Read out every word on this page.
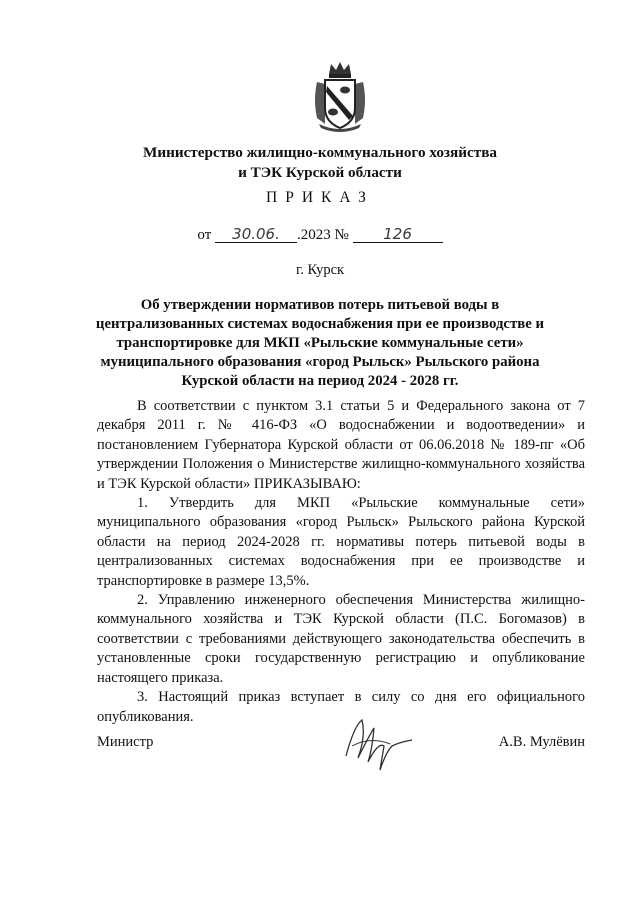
Министерство жилищно-коммунального хозяйства
и ТЭК Курской области
ПРИКАЗ
от 30.06. .2023 № 126
г. Курск
Об утверждении нормативов потерь питьевой воды в
централизованных системах водоснабжения при ее производстве и
транспортировке для МКП «Рыльские коммунальные сети»
муниципального образования «город Рыльск» Рыльского района
Курской области на период 2024 - 2028 гг.

В соответствии с пунктом 3.1 статьи 5 и Федерального закона от 7 декабря 2011 г. № 416-ФЗ «О водоснабжении и водоотведении» и постановлением Губернатора Курской области от 06.06.2018 № 189-пг «Об утверждении Положения о Министерстве жилищно-коммунального хозяйства и ТЭК Курской области» ПРИКАЗЫВАЮ:

1. Утвердить для МКП «Рыльские коммунальные сети» муниципального образования «город Рыльск» Рыльского района Курской области на период 2024-2028 гг. нормативы потерь питьевой воды в централизованных системах водоснабжения при ее производстве и транспортировке в размере 13,5%.

2. Управлению инженерного обеспечения Министерства жилищно-коммунального хозяйства и ТЭК Курской области (П.С. Богомазов) в соответствии с требованиями действующего законодательства обеспечить в установленные сроки государственную регистрацию и опубликование настоящего приказа.

3. Настоящий приказ вступает в силу со дня его официального опубликования.

Министр	А.В. Мулёвин
